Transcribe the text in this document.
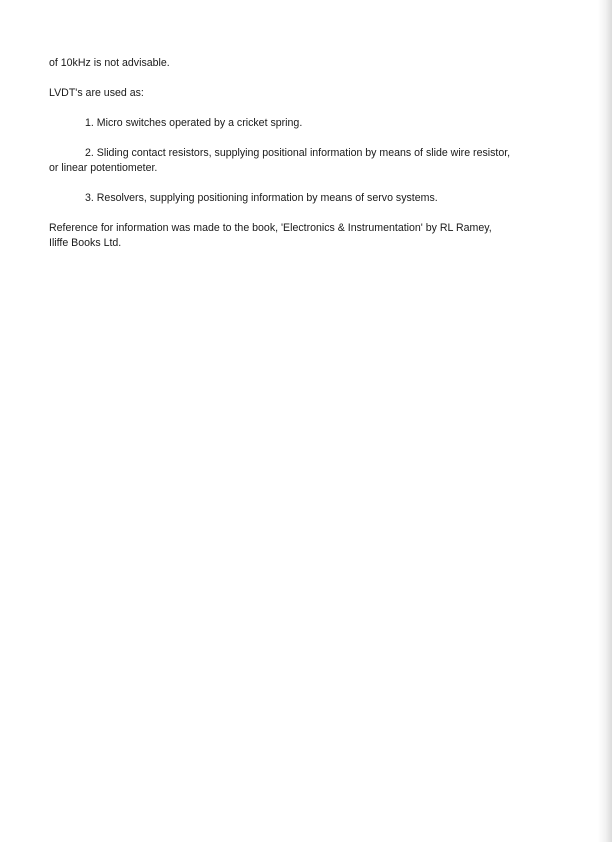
of 10kHz is not advisable.

LVDT's are used as:

1. Micro switches operated by a cricket spring.

2. Sliding contact resistors, supplying positional information by means of slide wire resistor, or linear potentiometer.

3. Resolvers, supplying positioning information by means of servo systems.

Reference for information was made to the book, 'Electronics & Instrumentation' by RL Ramey, Iliffe Books Ltd.
